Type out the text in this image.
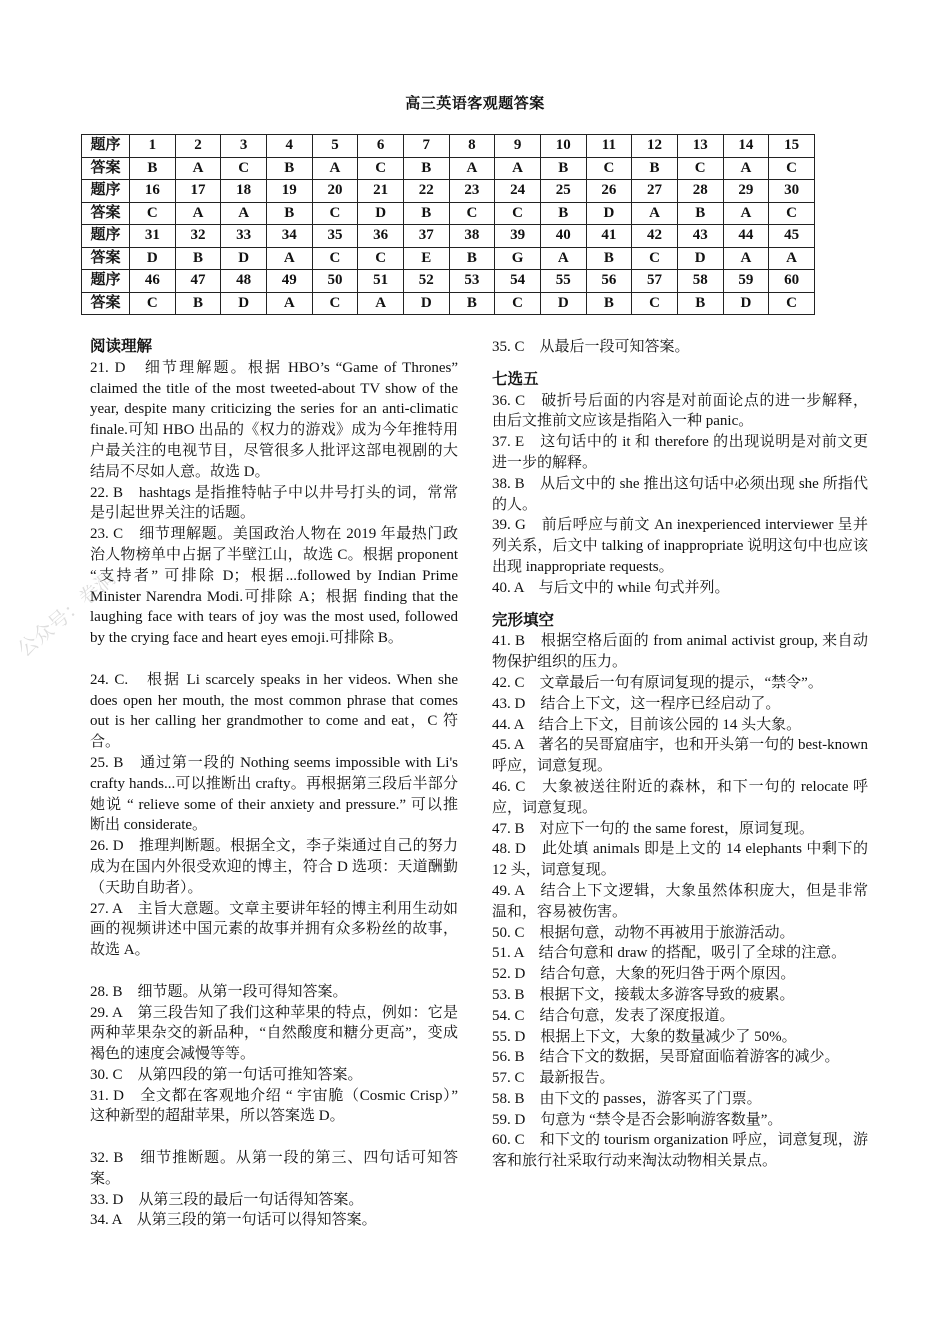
高三英语客观题答案
题序	1	2	3	4	5	6	7	8	9	10	11	12	13	14	15
答案	B	A	C	B	A	C	B	A	A	B	C	B	C	A	C
题序	16	17	18	19	20	21	22	23	24	25	26	27	28	29	30
答案	C	A	A	B	C	D	B	C	C	B	D	A	B	A	C
题序	31	32	33	34	35	36	37	38	39	40	41	42	43	44	45
答案	D	B	D	A	C	C	E	B	G	A	B	C	D	A	A
题序	46	47	48	49	50	51	52	53	54	55	56	57	58	59	60
答案	C	B	D	A	C	A	D	B	C	D	B	C	B	D	C

阅读理解

21. D　细节理解题。根据 HBO’s “Game of Thrones” claimed the title of the most tweeted-about TV show of the year, despite many criticizing the series for an anti-climatic finale.可知 HBO 出品的《权力的游戏》成为今年推特用户最关注的电视节目，尽管很多人批评这部电视剧的大结局不尽如人意。故选 D。

22. B　hashtags 是指推特帖子中以井号打头的词，常常是引起世界关注的话题。

23. C　细节理解题。美国政治人物在 2019 年最热门政治人物榜单中占据了半壁江山，故选 C。根据 proponent “支持者” 可排除 D；根据...followed by Indian Prime Minister Narendra Modi.可排除 A；根据 finding that the laughing face with tears of joy was the most used, followed by the crying face and heart eyes emoji.可排除 B。

24. C.　根据 Li scarcely speaks in her videos. When she does open her mouth, the most common phrase that comes out is her calling her grandmother to come and eat，C 符合。

25. B　通过第一段的 Nothing seems impossible with Li's crafty hands...可以推断出 crafty。再根据第三段后半部分她说 “ relieve some of their anxiety and pressure.” 可以推断出 considerate。

26. D　推理判断题。根据全文，李子柒通过自己的努力成为在国内外很受欢迎的博主，符合 D 选项：天道酬勤（天助自助者）。

27. A　主旨大意题。文章主要讲年轻的博主利用生动如画的视频讲述中国元素的故事并拥有众多粉丝的故事，故选 A。

28. B　细节题。从第一段可得知答案。

29. A　第三段告知了我们这种苹果的特点，例如：它是两种苹果杂交的新品种，“自然酸度和糖分更高”，变成褐色的速度会减慢等等。

30. C　从第四段的第一句话可推知答案。

31. D　全文都在客观地介绍 “ 宇宙脆（Cosmic Crisp）” 这种新型的超甜苹果，所以答案选 D。

32. B　细节推断题。从第一段的第三、四句话可知答案。

33. D　从第三段的最后一句话得知答案。

34. A　从第三段的第一句话可以得知答案。

35. C　从最后一段可知答案。

七选五

36. C　破折号后面的内容是对前面论点的进一步解释，由后文推前文应该是指陷入一种 panic。

37. E　这句话中的 it 和 therefore 的出现说明是对前文更进一步的解释。

38. B　从后文中的 she 推出这句话中必须出现 she 所指代的人。

39. G　前后呼应与前文 An inexperienced interviewer 呈并列关系，后文中 talking of inappropriate 说明这句中也应该出现 inappropriate requests。

40. A　与后文中的 while 句式并列。

完形填空

41. B　根据空格后面的 from animal activist group, 来自动物保护组织的压力。

42. C　文章最后一句有原词复现的提示，“禁令”。

43. D　结合上下文，这一程序已经启动了。

44. A　结合上下文，目前该公园的 14 头大象。

45. A　著名的吴哥窟庙宇，也和开头第一句的 best-known 呼应，词意复现。

46. C　大象被送往附近的森林，和下一句的 relocate 呼应，词意复现。

47. B　对应下一句的 the same forest，原词复现。

48. D　此处填 animals 即是上文的 14 elephants 中剩下的 12 头，词意复现。

49. A　结合上下文逻辑，大象虽然体积庞大，但是非常温和，容易被伤害。

50. C　根据句意，动物不再被用于旅游活动。

51. A　结合句意和 draw 的搭配，吸引了全球的注意。

52. D　结合句意，大象的死归咎于两个原因。

53. B　根据下文，接载太多游客导致的疲累。

54. C　结合句意，发表了深度报道。

55. D　根据上下文，大象的数量减少了 50%。

56. B　结合下文的数据，吴哥窟面临着游客的减少。

57. C　最新报告。

58. B　由下文的 passes，游客买了门票。

59. D　句意为 “禁令是否会影响游客数量”。

60. C　和下文的 tourism organization 呼应，词意复现，游客和旅行社采取行动来淘汰动物相关景点。

公众号：卷洞
